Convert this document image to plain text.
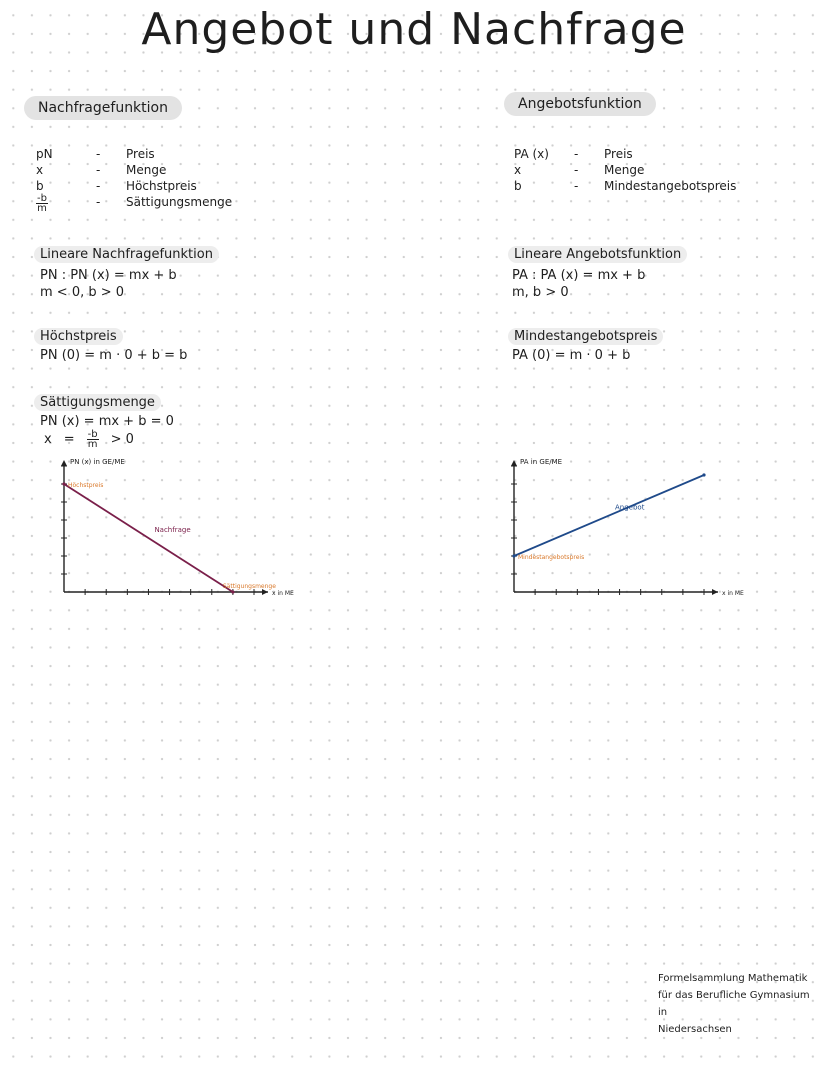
Angebot und Nachfrage
Nachfragefunktion
pN	-	Preis
x	-	Menge
b	-	Höchstpreis
$\frac{-b}{m}$	-	Sättigungsmenge
Lineare Nachfragefunktion
PN : PN (x) = mx + b
m < 0, b > 0
Höchstpreis
PN (0) = m · 0 + b = b
Sättigungsmenge
PN (x) = mx + b = 0
$x = \frac{-b}{m} > 0$
Angebotsfunktion
PA (x)	-	Preis
x	-	Menge
b	-	Mindestangebotspreis
Lineare Angebotsfunktion
PA : PA (x) = mx + b
m, b > 0
Mindestangebotspreis
PA (0) = m · 0 + b
PN (x) in GE/ME
x in ME
Nachfrage
Höchstpreis
Sättigungsmenge
PA in GE/ME
x in ME
Angebot
Mindestangebotspreis
Formelsammlung Mathematik
für das Berufliche Gymnasium in
Niedersachsen
